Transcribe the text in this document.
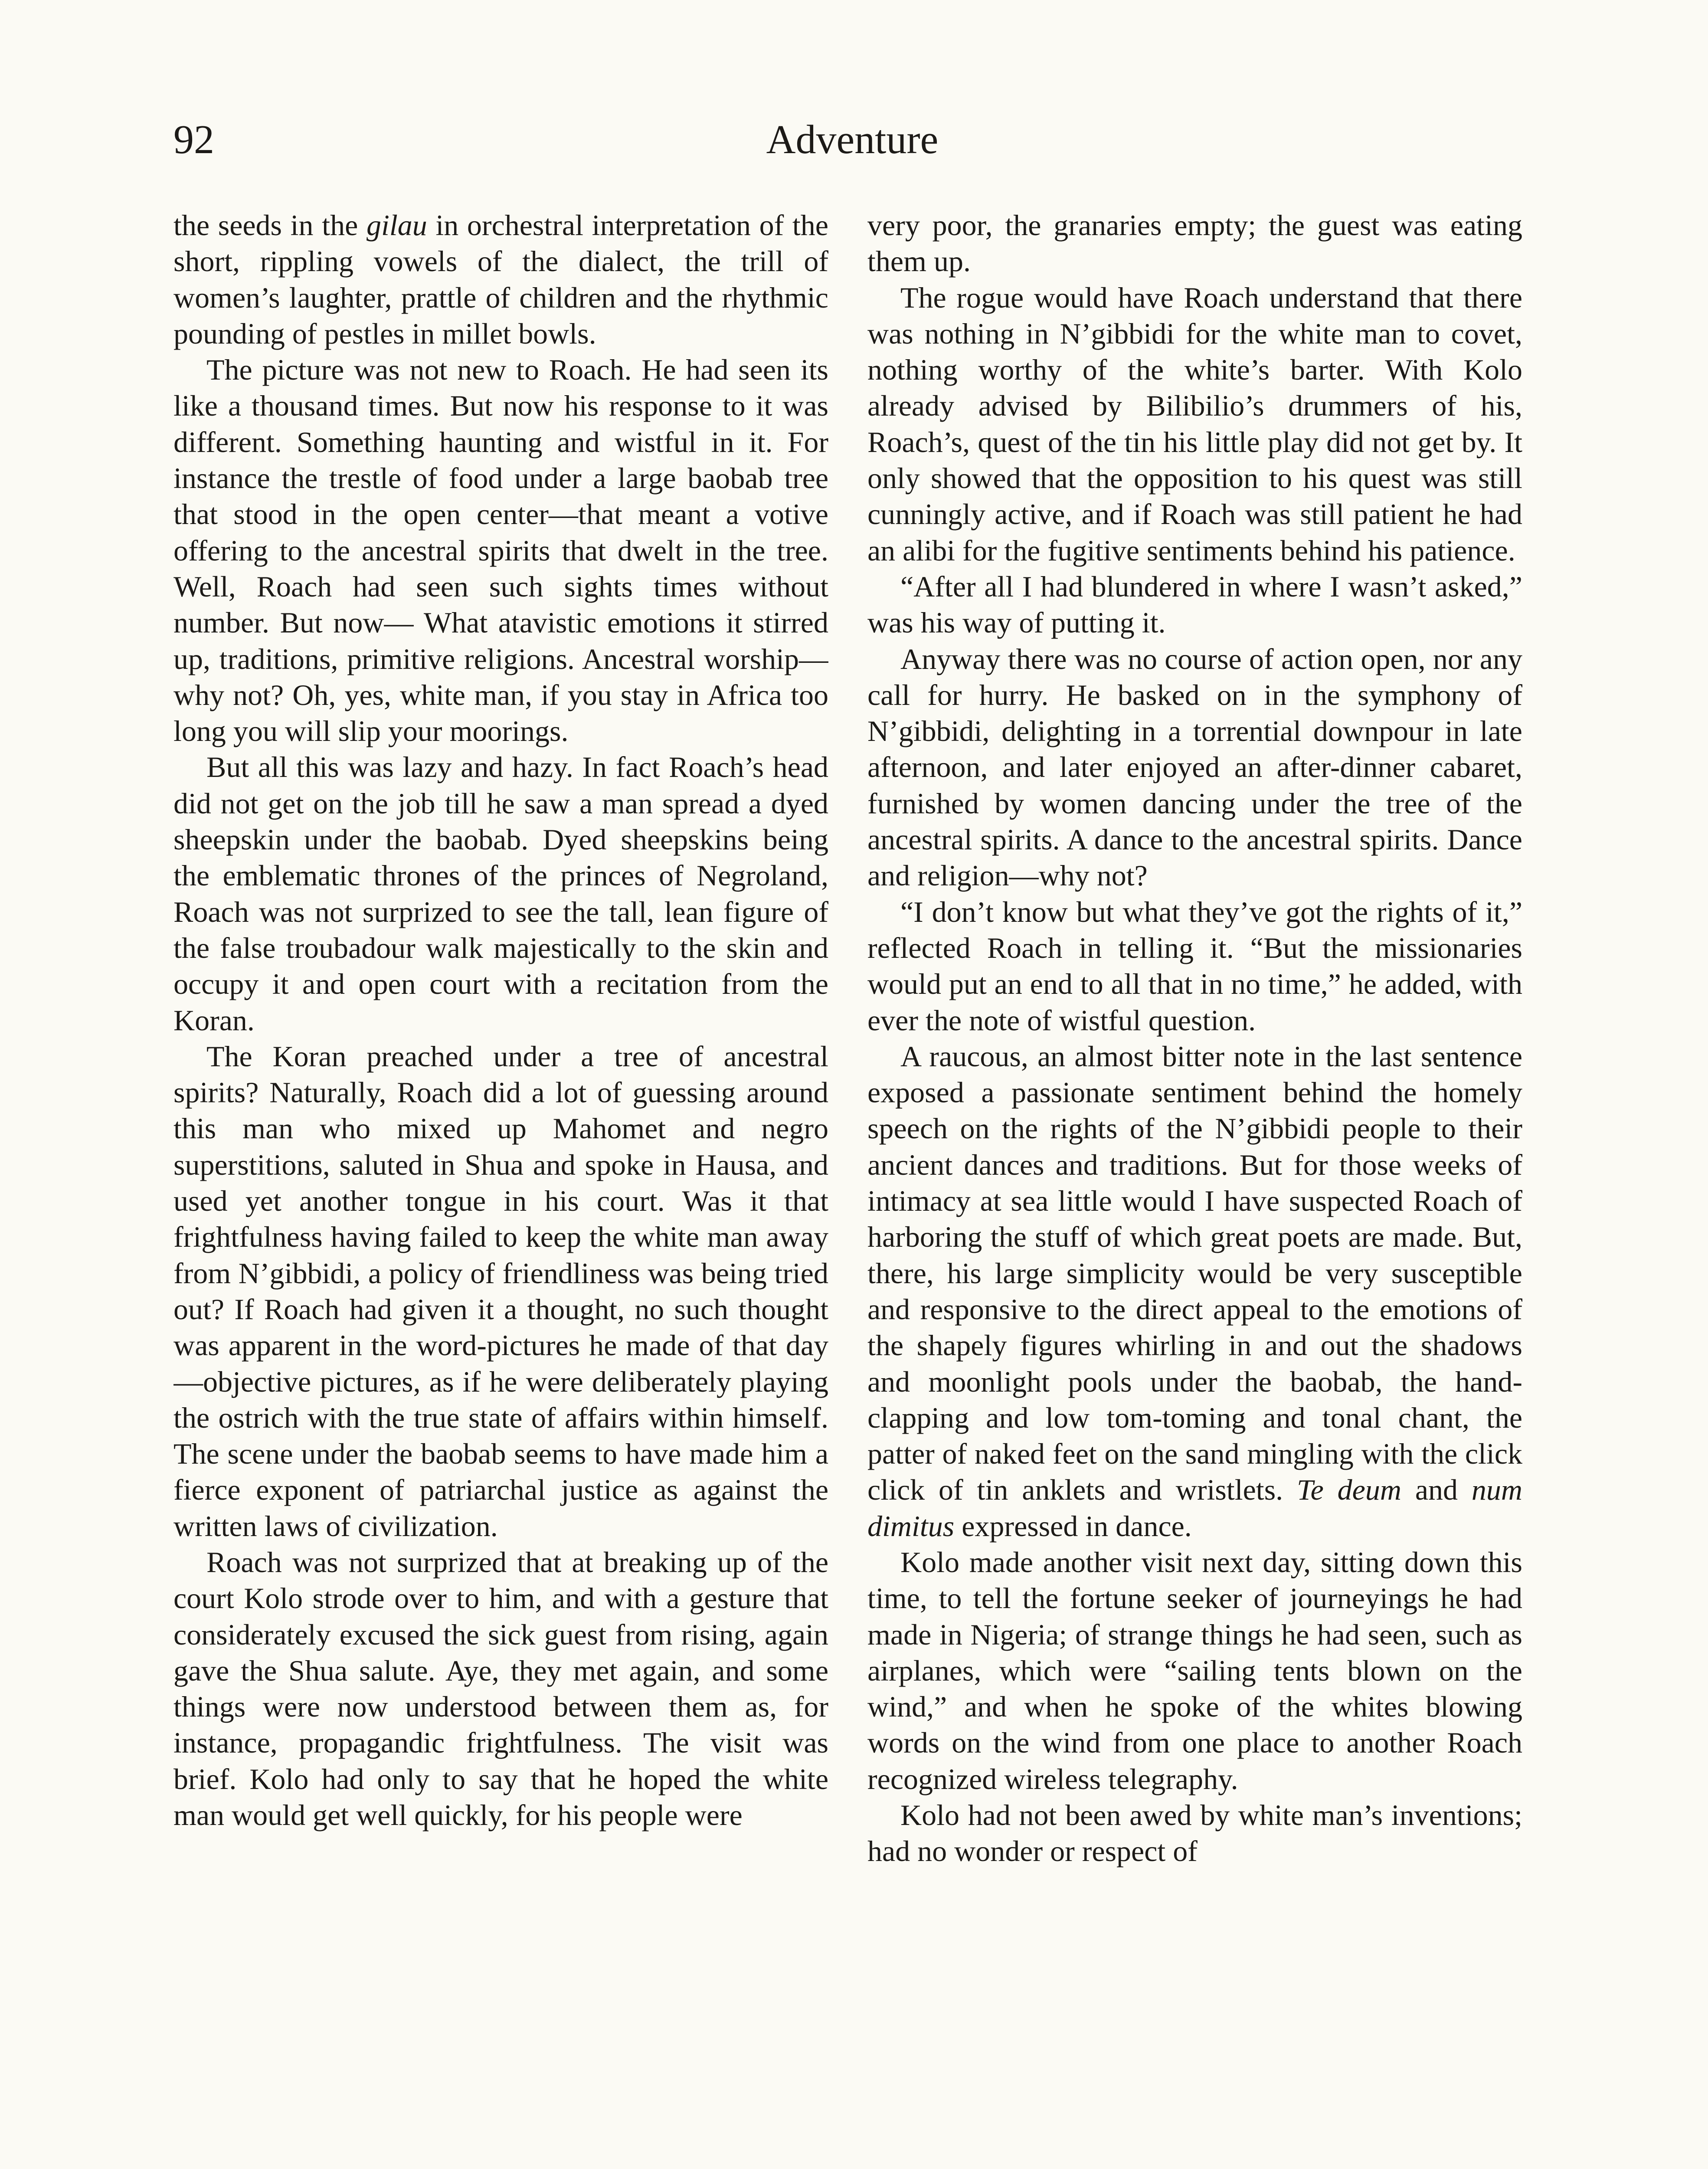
92	Adventure

the seeds in the gilau in orchestral interpretation of the short, rippling vowels of the dialect, the trill of women’s laughter, prattle of children and the rhythmic pounding of pestles in millet bowls.

The picture was not new to Roach. He had seen its like a thousand times. But now his response to it was different. Something haunting and wistful in it. For instance the trestle of food under a large baobab tree that stood in the open center—that meant a votive offering to the ancestral spirits that dwelt in the tree. Well, Roach had seen such sights times without number. But now— What atavistic emotions it stirred up, traditions, primitive religions. Ancestral worship—why not? Oh, yes, white man, if you stay in Africa too long you will slip your moorings.

But all this was lazy and hazy. In fact Roach’s head did not get on the job till he saw a man spread a dyed sheepskin under the baobab. Dyed sheepskins being the emblematic thrones of the princes of Negroland, Roach was not surprized to see the tall, lean figure of the false troubadour walk majestically to the skin and occupy it and open court with a recitation from the Koran.

The Koran preached under a tree of ancestral spirits? Naturally, Roach did a lot of guessing around this man who mixed up Mahomet and negro superstitions, saluted in Shua and spoke in Hausa, and used yet another tongue in his court. Was it that frightfulness having failed to keep the white man away from N’gibbidi, a policy of friendliness was being tried out? If Roach had given it a thought, no such thought was apparent in the word-pictures he made of that day—objective pictures, as if he were deliberately playing the ostrich with the true state of affairs within himself. The scene under the baobab seems to have made him a fierce exponent of patriarchal justice as against the written laws of civilization.

Roach was not surprized that at breaking up of the court Kolo strode over to him, and with a gesture that considerately excused the sick guest from rising, again gave the Shua salute. Aye, they met again, and some things were now understood between them as, for instance, propagandic frightfulness. The visit was brief. Kolo had only to say that he hoped the white man would get well quickly, for his people were

very poor, the granaries empty; the guest was eating them up.

The rogue would have Roach understand that there was nothing in N’gibbidi for the white man to covet, nothing worthy of the white’s barter. With Kolo already advised by Bilibilio’s drummers of his, Roach’s, quest of the tin his little play did not get by. It only showed that the opposition to his quest was still cunningly active, and if Roach was still patient he had an alibi for the fugitive sentiments behind his patience.

“After all I had blundered in where I wasn’t asked,” was his way of putting it.

Anyway there was no course of action open, nor any call for hurry. He basked on in the symphony of N’gibbidi, delighting in a torrential downpour in late afternoon, and later enjoyed an after-dinner cabaret, furnished by women dancing under the tree of the ancestral spirits. A dance to the ancestral spirits. Dance and religion—why not?

“I don’t know but what they’ve got the rights of it,” reflected Roach in telling it. “But the missionaries would put an end to all that in no time,” he added, with ever the note of wistful question.

A raucous, an almost bitter note in the last sentence exposed a passionate sentiment behind the homely speech on the rights of the N’gibbidi people to their ancient dances and traditions. But for those weeks of intimacy at sea little would I have suspected Roach of harboring the stuff of which great poets are made. But, there, his large simplicity would be very susceptible and responsive to the direct appeal to the emotions of the shapely figures whirling in and out the shadows and moonlight pools under the baobab, the hand-clapping and low tom-toming and tonal chant, the patter of naked feet on the sand mingling with the click click of tin anklets and wristlets. Te deum and num dimitus expressed in dance.

Kolo made another visit next day, sitting down this time, to tell the fortune seeker of journeyings he had made in Nigeria; of strange things he had seen, such as airplanes, which were “sailing tents blown on the wind,” and when he spoke of the whites blowing words on the wind from one place to another Roach recognized wireless telegraphy.

Kolo had not been awed by white man’s inventions; had no wonder or respect of
